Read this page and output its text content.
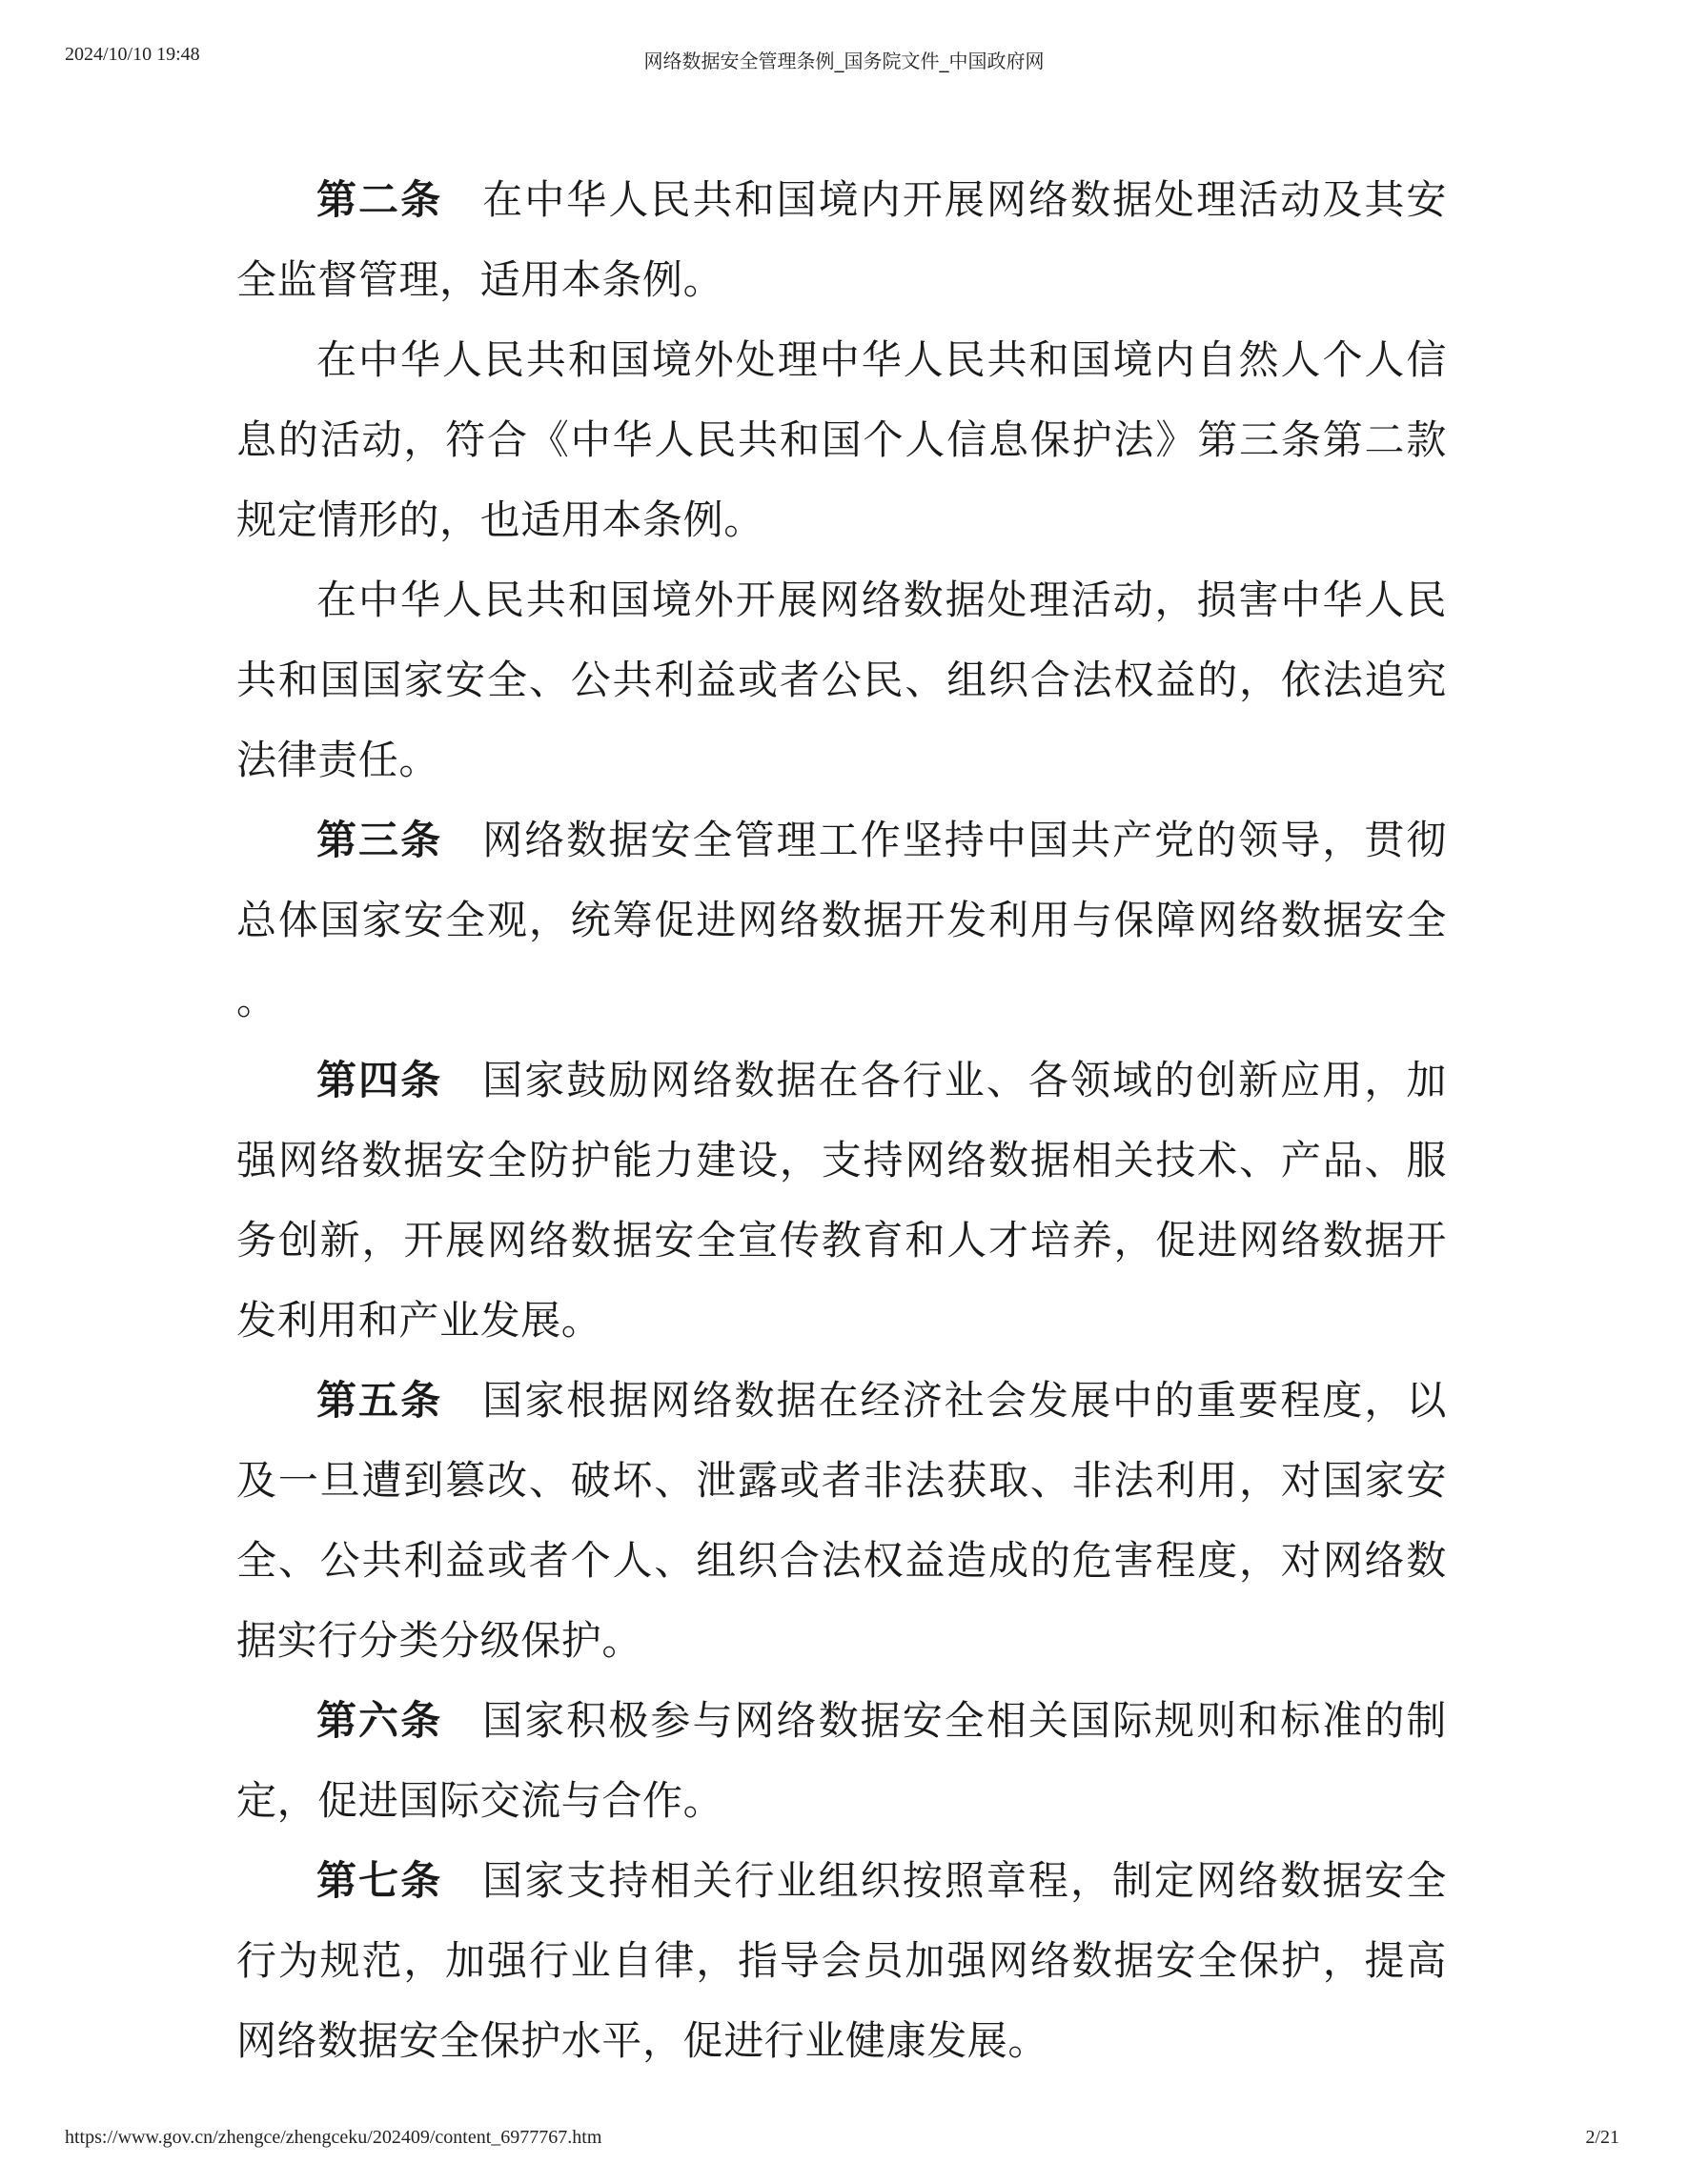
2024/10/10 19:48	网络数据安全管理条例_国务院文件_中国政府网

第二条 在中华人民共和国境内开展网络数据处理活动及其安全监督管理，适用本条例。

在中华人民共和国境外处理中华人民共和国境内自然人个人信息的活动，符合《中华人民共和国个人信息保护法》第三条第二款规定情形的，也适用本条例。

在中华人民共和国境外开展网络数据处理活动，损害中华人民共和国国家安全、公共利益或者公民、组织合法权益的，依法追究法律责任。

第三条 网络数据安全管理工作坚持中国共产党的领导，贯彻总体国家安全观，统筹促进网络数据开发利用与保障网络数据安全。

第四条 国家鼓励网络数据在各行业、各领域的创新应用，加强网络数据安全防护能力建设，支持网络数据相关技术、产品、服务创新，开展网络数据安全宣传教育和人才培养，促进网络数据开发利用和产业发展。

第五条 国家根据网络数据在经济社会发展中的重要程度，以及一旦遭到篡改、破坏、泄露或者非法获取、非法利用，对国家安全、公共利益或者个人、组织合法权益造成的危害程度，对网络数据实行分类分级保护。

第六条 国家积极参与网络数据安全相关国际规则和标准的制定，促进国际交流与合作。

第七条 国家支持相关行业组织按照章程，制定网络数据安全行为规范，加强行业自律，指导会员加强网络数据安全保护，提高网络数据安全保护水平，促进行业健康发展。

https://www.gov.cn/zhengce/zhengceku/202409/content_6977767.htm	2/21
